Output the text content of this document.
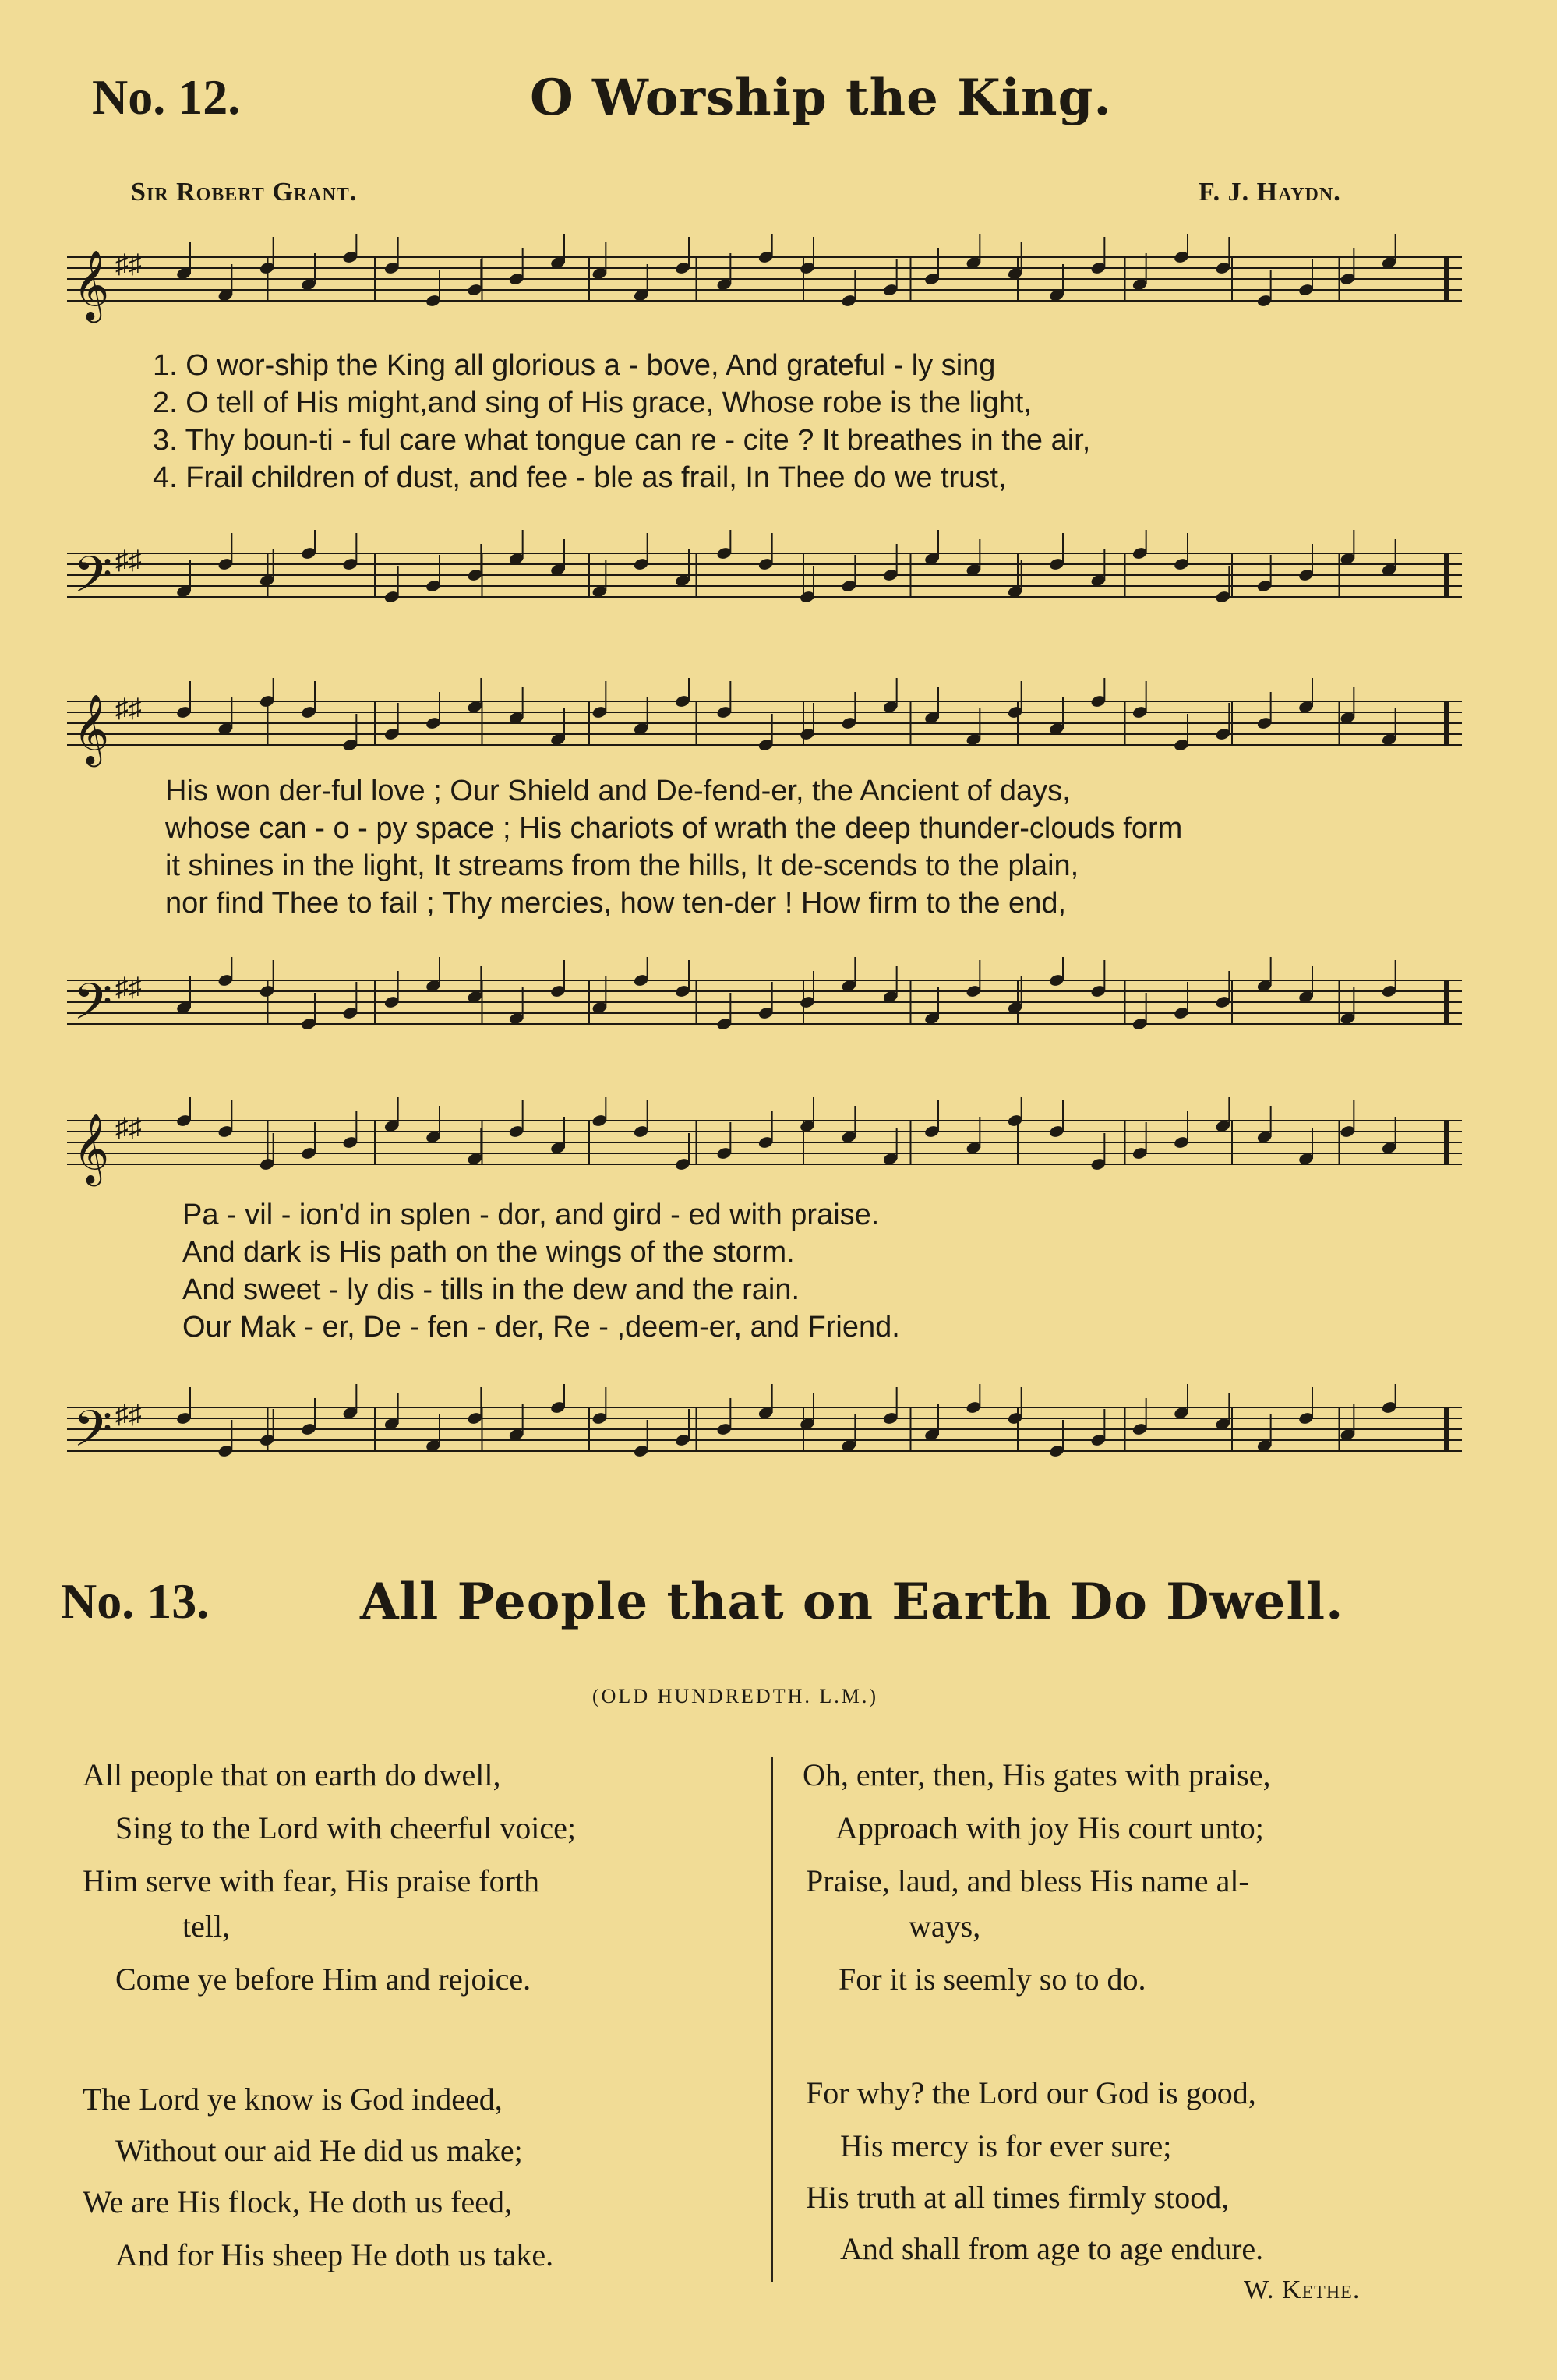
No. 12.	O Worship the King.
Sir Robert Grant.	F. J. Haydn.
𝄞 ♯♯
𝄢 ♯♯
1. O wor-ship the King all glorious a - bove, And grateful - ly sing
2. O tell of His might,and sing of His grace, Whose robe is the light,
3. Thy boun-ti - ful care what tongue can re - cite ? It breathes in the air,
4. Frail children of dust, and fee - ble as frail, In Thee do we trust,
𝄞 ♯♯
𝄢 ♯♯
His won der-ful love ; Our Shield and De-fend-er, the Ancient of days,
whose can - o - py space ; His chariots of wrath the deep thunder-clouds form
it shines in the light, It streams from the hills, It de-scends to the plain,
nor find Thee to fail ; Thy mercies, how ten-der ! How firm to the end,
𝄞 ♯♯
𝄢 ♯♯
Pa - vil - ion'd in splen - dor, and gird - ed with praise.
And dark is His path on the wings of the storm.
And sweet - ly dis - tills in the dew and the rain.
Our Mak - er, De - fen - der, Re - ,deem-er, and Friend.
No. 13.	All People that on Earth Do Dwell.
(OLD HUNDREDTH. L.M.)
All people that on earth do dwell,
Sing to the Lord with cheerful voice;
Him serve with fear, His praise forth
tell,
Come ye before Him and rejoice.
The Lord ye know is God indeed,
Without our aid He did us make;
We are His flock, He doth us feed,
And for His sheep He doth us take.
Oh, enter, then, His gates with praise,
Approach with joy His court unto;
Praise, laud, and bless His name al-
ways,
For it is seemly so to do.
For why? the Lord our God is good,
His mercy is for ever sure;
His truth at all times firmly stood,
And shall from age to age endure.
W. Kethe.
